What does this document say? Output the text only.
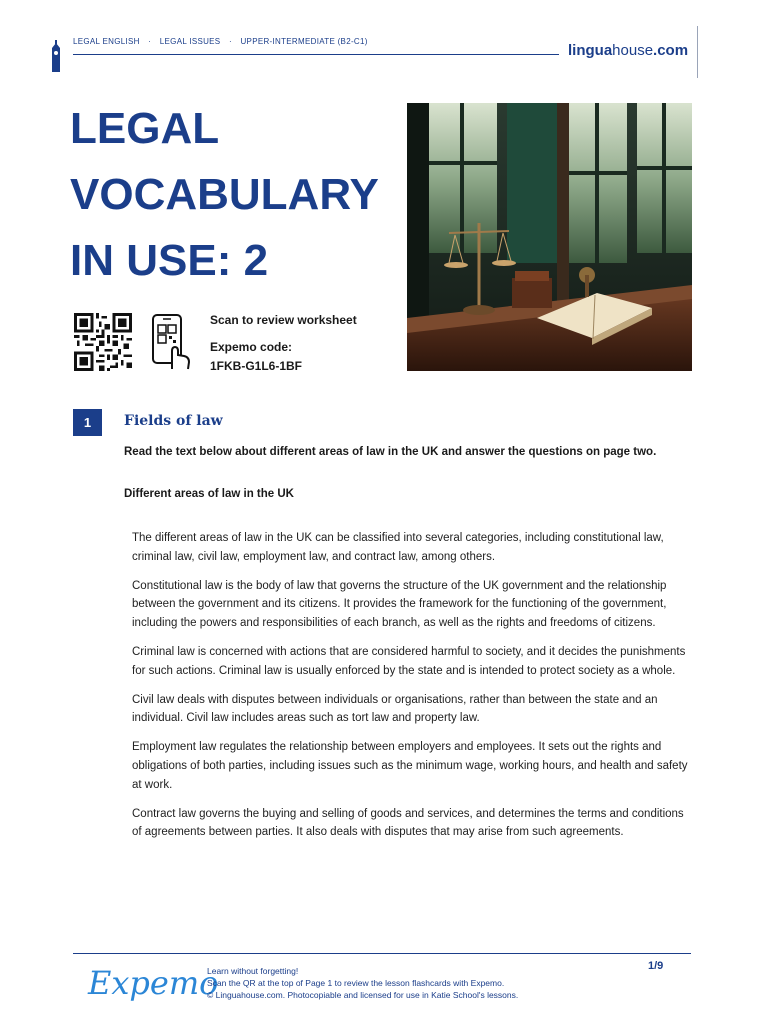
LEGAL ENGLISH · LEGAL ISSUES · UPPER-INTERMEDIATE (B2-C1)
linguahouse.com
LEGAL
VOCABULARY
IN USE: 2
Scan to review worksheet
Expemo code:
1FKB-G1L6-1BF
1	Fields of law
Read the text below about different areas of law in the UK and answer the questions on page two.
Different areas of law in the UK

The different areas of law in the UK can be classified into several categories, including constitutional law, criminal law, civil law, employment law, and contract law, among others.

Constitutional law is the body of law that governs the structure of the UK government and the relationship between the government and its citizens. It provides the framework for the functioning of the government, including the powers and responsibilities of each branch, as well as the rights and freedoms of citizens.

Criminal law is concerned with actions that are considered harmful to society, and it decides the punishments for such actions. Criminal law is usually enforced by the state and is intended to protect society as a whole.

Civil law deals with disputes between individuals or organisations, rather than between the state and an individual. Civil law includes areas such as tort law and property law.

Employment law regulates the relationship between employers and employees. It sets out the rights and obligations of both parties, including issues such as the minimum wage, working hours, and health and safety at work.

Contract law governs the buying and selling of goods and services, and determines the terms and conditions of agreements between parties. It also deals with disputes that may arise from such agreements.

Expemo
Learn without forgetting!
Scan the QR at the top of Page 1 to review the lesson flashcards with Expemo.
© Linguahouse.com. Photocopiable and licensed for use in Katie School's lessons.
1/9
